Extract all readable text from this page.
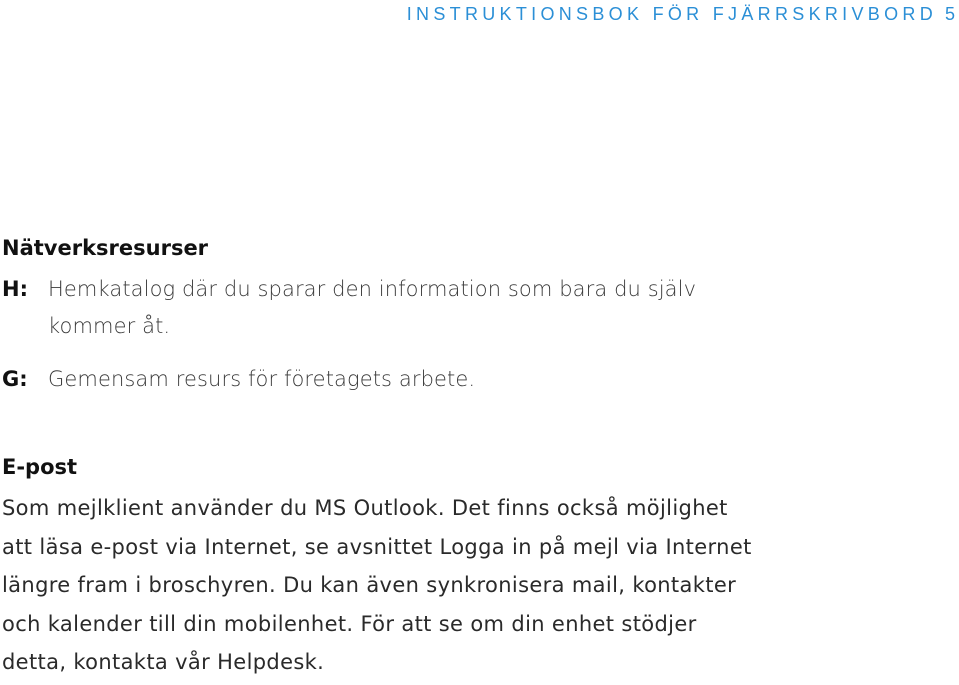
INSTRUKTIONSBOK FÖR FJÄRRSKRIVBORD 5
Nätverksresurser
H: Hemkatalog där du sparar den information som bara du själv
kommer åt.
G: Gemensam resurs för företagets arbete.
E-post
Som mejlklient använder du MS Outlook. Det finns också möjlighet
att läsa e-post via Internet, se avsnittet Logga in på mejl via Internet
längre fram i broschyren. Du kan även synkronisera mail, kontakter
och kalender till din mobilenhet. För att se om din enhet stödjer
detta, kontakta vår Helpdesk.
